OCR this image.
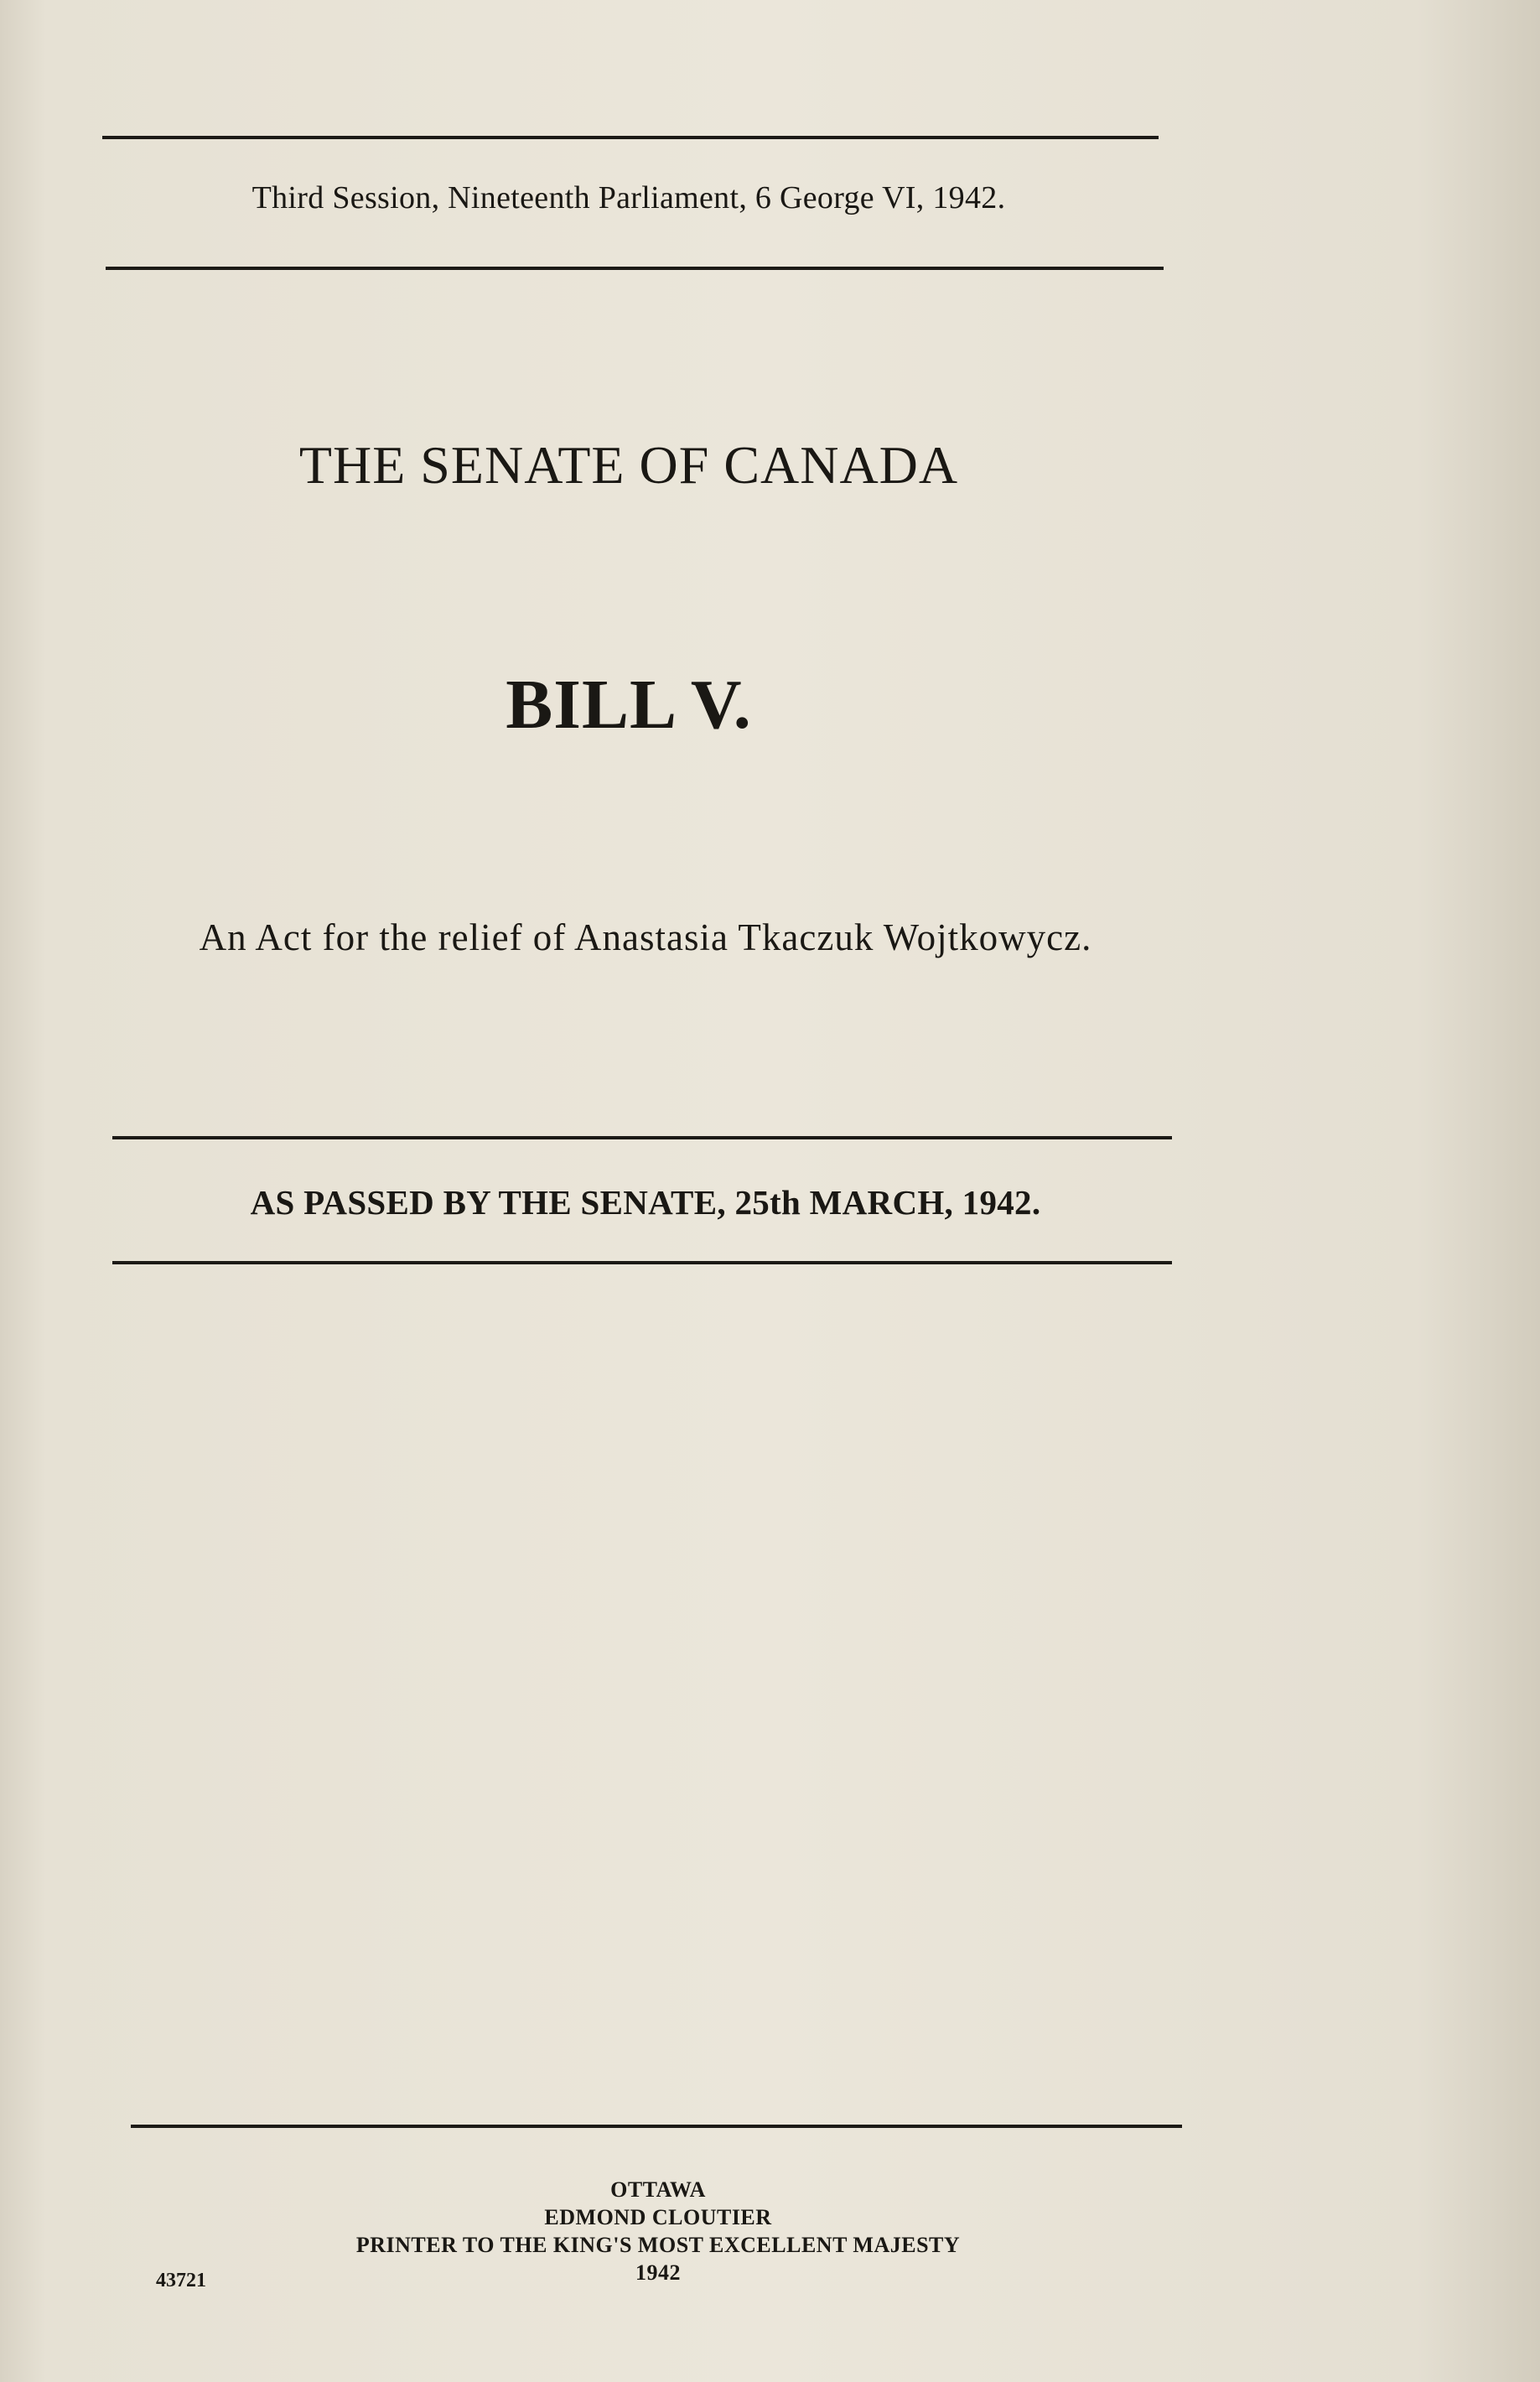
Third Session, Nineteenth Parliament, 6 George VI, 1942.
THE SENATE OF CANADA
BILL V.
An Act for the relief of Anastasia Tkaczuk Wojtkowycz.
AS PASSED BY THE SENATE, 25th MARCH, 1942.
OTTAWA
EDMOND CLOUTIER
PRINTER TO THE KING'S MOST EXCELLENT MAJESTY
1942
43721
